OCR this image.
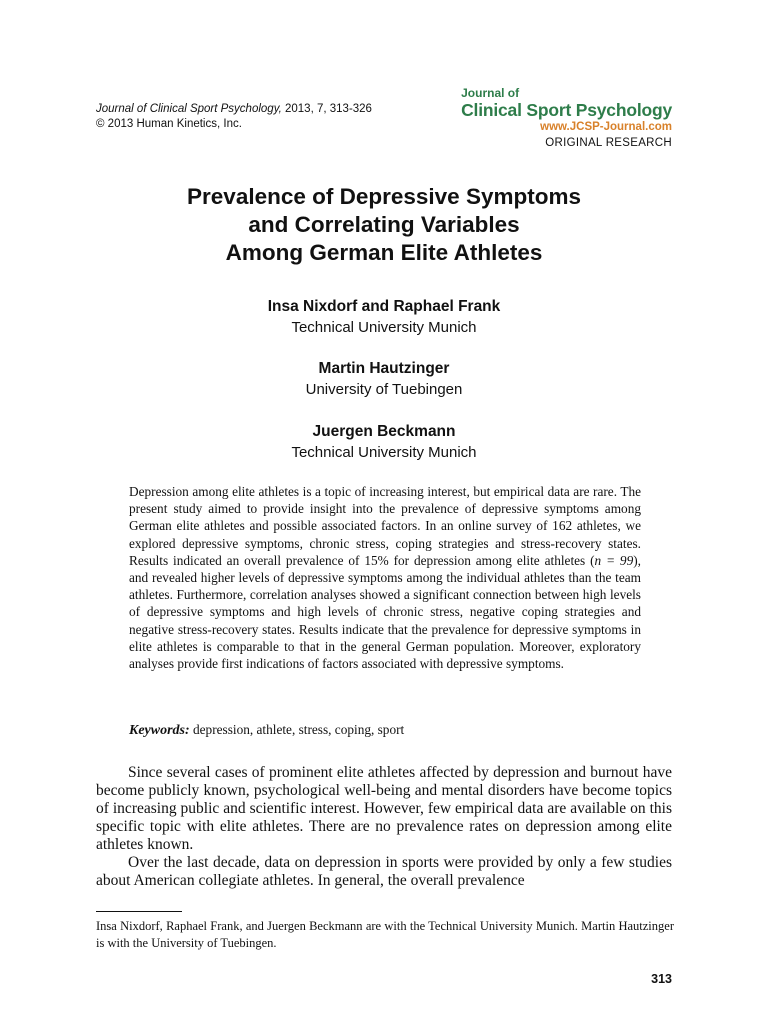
Journal of Clinical Sport Psychology, 2013, 7, 313-326
© 2013 Human Kinetics, Inc.
Journal of
Clinical Sport Psychology
www.JCSP-Journal.com
ORIGINAL RESEARCH
Prevalence of Depressive Symptoms
and Correlating Variables
Among German Elite Athletes
Insa Nixdorf and Raphael Frank
Technical University Munich
Martin Hautzinger
University of Tuebingen
Juergen Beckmann
Technical University Munich
Depression among elite athletes is a topic of increasing interest, but empirical data are rare. The present study aimed to provide insight into the prevalence of depressive symptoms among German elite athletes and possible associated factors. In an online survey of 162 athletes, we explored depressive symptoms, chronic stress, coping strategies and stress-recovery states. Results indicated an overall prevalence of 15% for depression among elite athletes (n = 99), and revealed higher levels of depressive symptoms among the individual athletes than the team athletes. Furthermore, correlation analyses showed a significant connection between high levels of depressive symptoms and high levels of chronic stress, negative coping strategies and negative stress-recovery states. Results indicate that the prevalence for depressive symptoms in elite athletes is comparable to that in the general German population. Moreover, exploratory analyses provide first indications of factors associated with depressive symptoms.
Keywords: depression, athlete, stress, coping, sport

Since several cases of prominent elite athletes affected by depression and burnout have become publicly known, psychological well-being and mental disorders have become topics of increasing public and scientific interest. However, few empirical data are available on this specific topic with elite athletes. There are no prevalence rates on depression among elite athletes known.

Over the last decade, data on depression in sports were provided by only a few studies about American collegiate athletes. In general, the overall prevalence

Insa Nixdorf, Raphael Frank, and Juergen Beckmann are with the Technical University Munich. Martin Hautzinger is with the University of Tuebingen.
313
